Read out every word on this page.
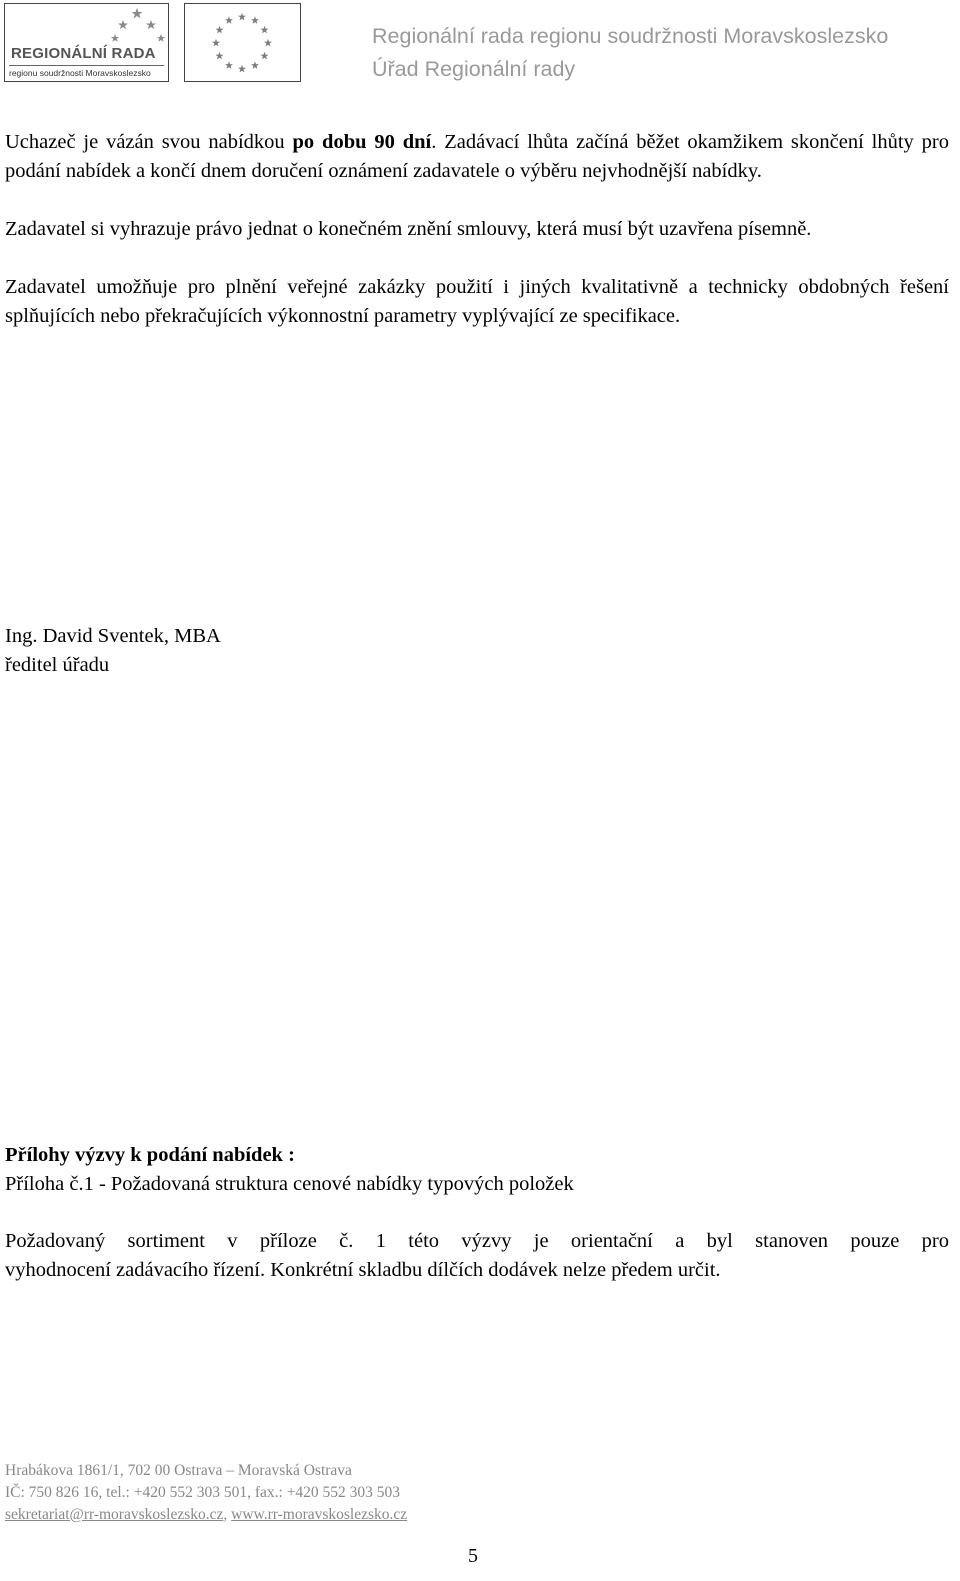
REGIONÁLNÍ RADA
regionu soudržnosti Moravskoslezsko
Regionální rada regionu soudržnosti Moravskoslezsko
Úřad Regionální rady
Uchazeč je vázán svou nabídkou po dobu 90 dní. Zadávací lhůta začíná běžet okamžikem skončení lhůty pro podání nabídek a končí dnem doručení oznámení zadavatele o výběru nejvhodnější nabídky.
Zadavatel si vyhrazuje právo jednat o konečném znění smlouvy, která musí být uzavřena písemně.
Zadavatel umožňuje pro plnění veřejné zakázky použití i jiných kvalitativně a technicky obdobných řešení splňujících nebo překračujících výkonnostní parametry vyplývající ze specifikace.
Ing. David Sventek, MBA
ředitel úřadu
Přílohy výzvy k podání nabídek :
Příloha č.1 - Požadovaná struktura cenové nabídky typových položek
Požadovaný sortiment v příloze č. 1 této výzvy je orientační a byl stanoven pouze pro
vyhodnocení zadávacího řízení. Konkrétní skladbu dílčích dodávek nelze předem určit.
Hrabákova 1861/1, 702 00 Ostrava – Moravská Ostrava
IČ: 750 826 16, tel.: +420 552 303 501, fax.: +420 552 303 503
sekretariat@rr-moravskoslezsko.cz, www.rr-moravskoslezsko.cz
5
